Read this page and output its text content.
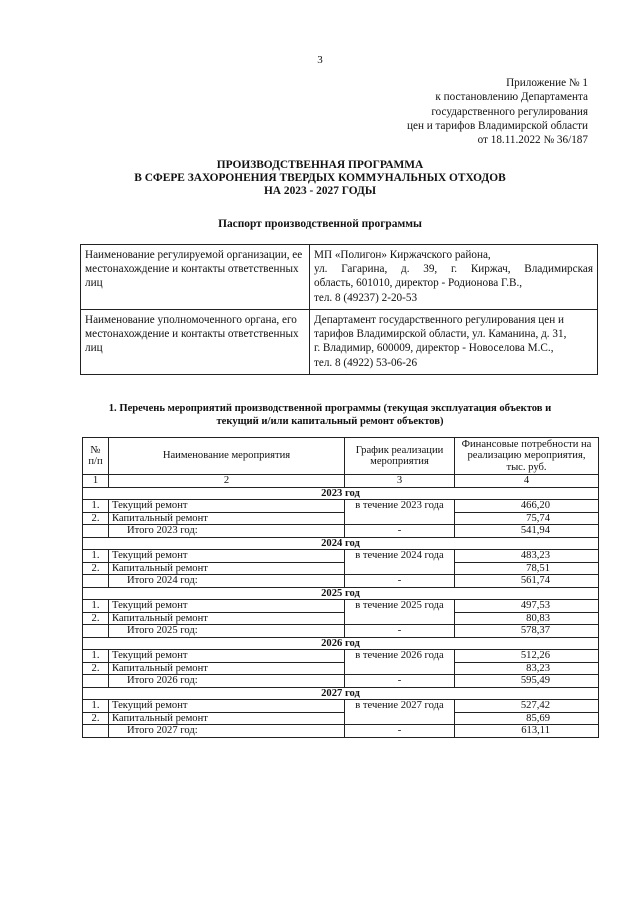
3
Приложение № 1
к постановлению Департамента
государственного регулирования
цен и тарифов Владимирской области
от 18.11.2022 № 36/187
ПРОИЗВОДСТВЕННАЯ ПРОГРАММА
В СФЕРЕ ЗАХОРОНЕНИЯ ТВЕРДЫХ КОММУНАЛЬНЫХ ОТХОДОВ
НА 2023 - 2027 ГОДЫ
Паспорт производственной программы
Наименование регулируемой организации, ее местонахождение и контакты ответственных лиц	МП «Полигон» Киржачского района,
ул. Гагарина, д. 39, г. Киржач, Владимирская
область, 601010, директор - Родионова Г.В.,
тел. 8 (49237) 2-20-53

Наименование уполномоченного органа, его местонахождение и контакты ответственных лиц	Департамент государственного регулирования цен и
тарифов Владимирской области, ул. Каманина, д. 31,
г. Владимир, 600009, директор - Новоселова М.С.,
тел. 8 (4922) 53-06-26
1. Перечень мероприятий производственной программы (текущая эксплуатация объектов и
текущий и/или капитальный ремонт объектов)
№ п/п	Наименование мероприятия	График реализации мероприятия	Финансовые потребности на реализацию мероприятия, тыс. руб.
1	2	3	4
2023 год			
1.	Текущий ремонт	в течение 2023 года	466,20
2.	Капитальный ремонт		75,74
	Итого 2023 год:	-	541,94
2024 год			
1.	Текущий ремонт	в течение 2024 года	483,23
2.	Капитальный ремонт		78,51
	Итого 2024 год:	-	561,74
2025 год			
1.	Текущий ремонт	в течение 2025 года	497,53
2.	Капитальный ремонт		80,83
	Итого 2025 год:	-	578,37
2026 год			
1.	Текущий ремонт	в течение 2026 года	512,26
2.	Капитальный ремонт		83,23
	Итого 2026 год:	-	595,49
2027 год			
1.	Текущий ремонт	в течение 2027 года	527,42
2.	Капитальный ремонт		85,69
	Итого 2027 год:	-	613,11
